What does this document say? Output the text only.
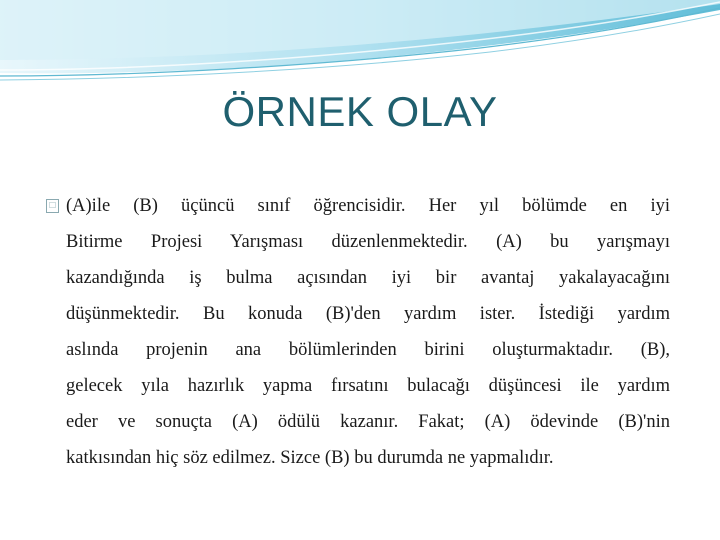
ÖRNEK OLAY
□ (A)ile (B) üçüncü sınıf öğrencisidir. Her yıl bölümde en iyi
Bitirme Projesi Yarışması düzenlenmektedir. (A) bu yarışmayı
kazandığında iş bulma açısından iyi bir avantaj yakalayacağını
düşünmektedir. Bu konuda (B)'den yardım ister. İstediği yardım
aslında projenin ana bölümlerinden birini oluşturmaktadır. (B),
gelecek yıla hazırlık yapma fırsatını bulacağı düşüncesi ile yardım
eder ve sonuçta (A) ödülü kazanır. Fakat; (A) ödevinde (B)'nin
katkısından hiç söz edilmez. Sizce (B) bu durumda ne yapmalıdır.
